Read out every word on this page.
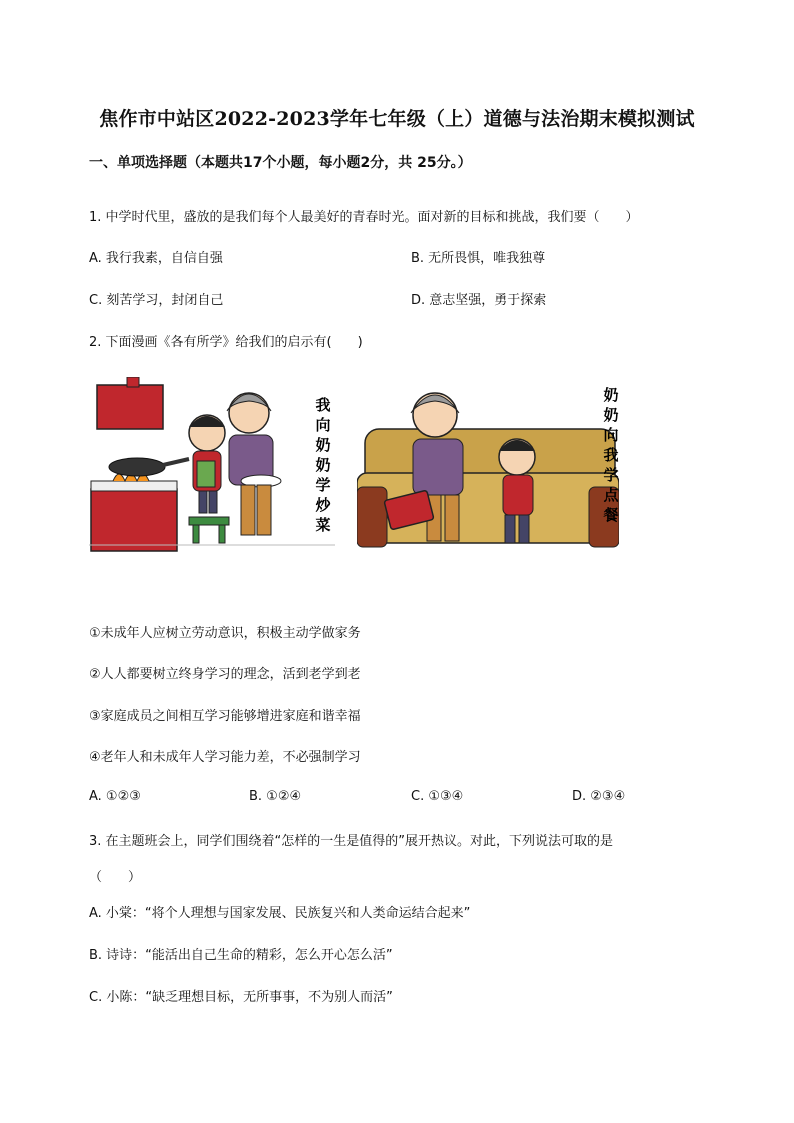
焦作市中站区2022-2023学年七年级（上）道德与法治期末模拟测试
一、单项选择题（本题共17个小题，每小题2分，共 25分。）
1. 中学时代里，盛放的是我们每个人最美好的青春时光。面对新的目标和挑战，我们要（　　）
A. 我行我素，自信自强	B. 无所畏惧，唯我独尊
C. 刻苦学习，封闭自己	D. 意志坚强，勇于探索
2. 下面漫画《各有所学》给我们的启示有(　　)
我向奶奶学炒菜
奶奶向我学点餐
①未成年人应树立劳动意识，积极主动学做家务
②人人都要树立终身学习的理念，活到老学到老
③家庭成员之间相互学习能够增进家庭和谐幸福
④老年人和未成年人学习能力差，不必强制学习
A. ①②③	B. ①②④	C. ①③④	D. ②③④
3. 在主题班会上，同学们围绕着“怎样的一生是值得的”展开热议。对此，下列说法可取的是
（　　）
A. 小棠：“将个人理想与国家发展、民族复兴和人类命运结合起来”
B. 诗诗：“能活出自己生命的精彩，怎么开心怎么活”
C. 小陈：“缺乏理想目标，无所事事，不为别人而活”
